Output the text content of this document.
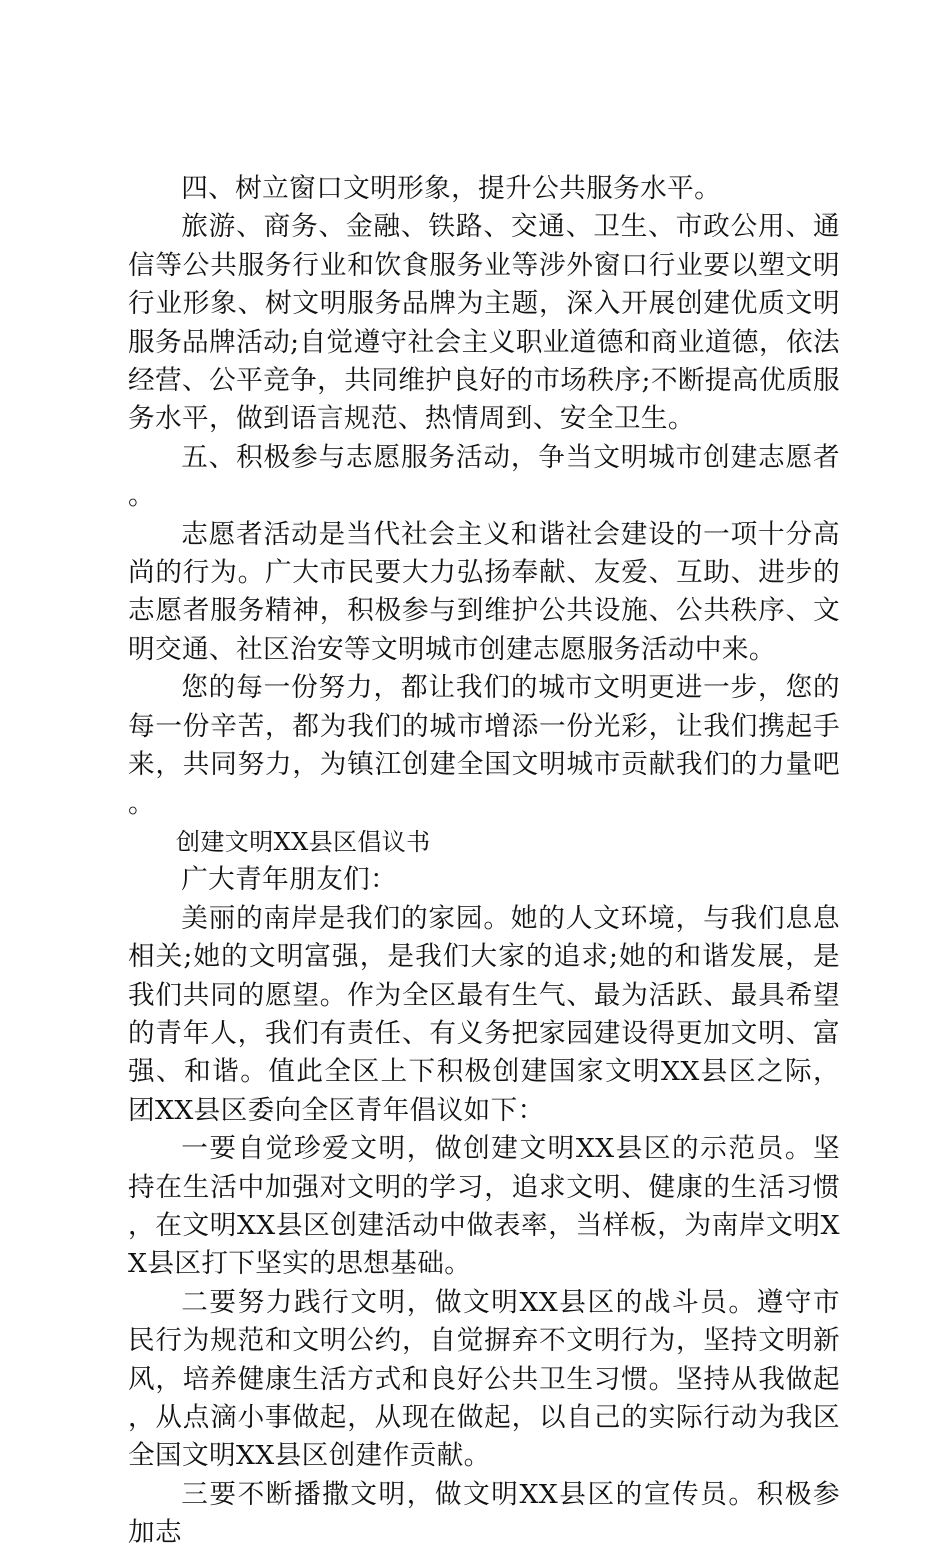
四、树立窗口文明形象，提升公共服务水平。

旅游、商务、金融、铁路、交通、卫生、市政公用、通信等公共服务行业和饮食服务业等涉外窗口行业要以塑文明行业形象、树文明服务品牌为主题，深入开展创建优质文明服务品牌活动;自觉遵守社会主义职业道德和商业道德，依法经营、公平竞争，共同维护良好的市场秩序;不断提高优质服务水平，做到语言规范、热情周到、安全卫生。

五、积极参与志愿服务活动，争当文明城市创建志愿者。

志愿者活动是当代社会主义和谐社会建设的一项十分高尚的行为。广大市民要大力弘扬奉献、友爱、互助、进步的志愿者服务精神，积极参与到维护公共设施、公共秩序、文明交通、社区治安等文明城市创建志愿服务活动中来。

您的每一份努力，都让我们的城市文明更进一步，您的每一份辛苦，都为我们的城市增添一份光彩，让我们携起手来，共同努力，为镇江创建全国文明城市贡献我们的力量吧。

创建文明XX县区倡议书

广大青年朋友们：

美丽的南岸是我们的家园。她的人文环境，与我们息息相关;她的文明富强，是我们大家的追求;她的和谐发展，是我们共同的愿望。作为全区最有生气、最为活跃、最具希望的青年人，我们有责任、有义务把家园建设得更加文明、富强、和谐。值此全区上下积极创建国家文明XX县区之际，团XX县区委向全区青年倡议如下：

一要自觉珍爱文明，做创建文明XX县区的示范员。坚持在生活中加强对文明的学习，追求文明、健康的生活习惯，在文明XX县区创建活动中做表率，当样板，为南岸文明XX县区打下坚实的思想基础。

二要努力践行文明，做文明XX县区的战斗员。遵守市民行为规范和文明公约，自觉摒弃不文明行为，坚持文明新风，培养健康生活方式和良好公共卫生习惯。坚持从我做起，从点滴小事做起，从现在做起，以自己的实际行动为我区全国文明XX县区创建作贡献。

三要不断播撒文明，做文明XX县区的宣传员。积极参加志
